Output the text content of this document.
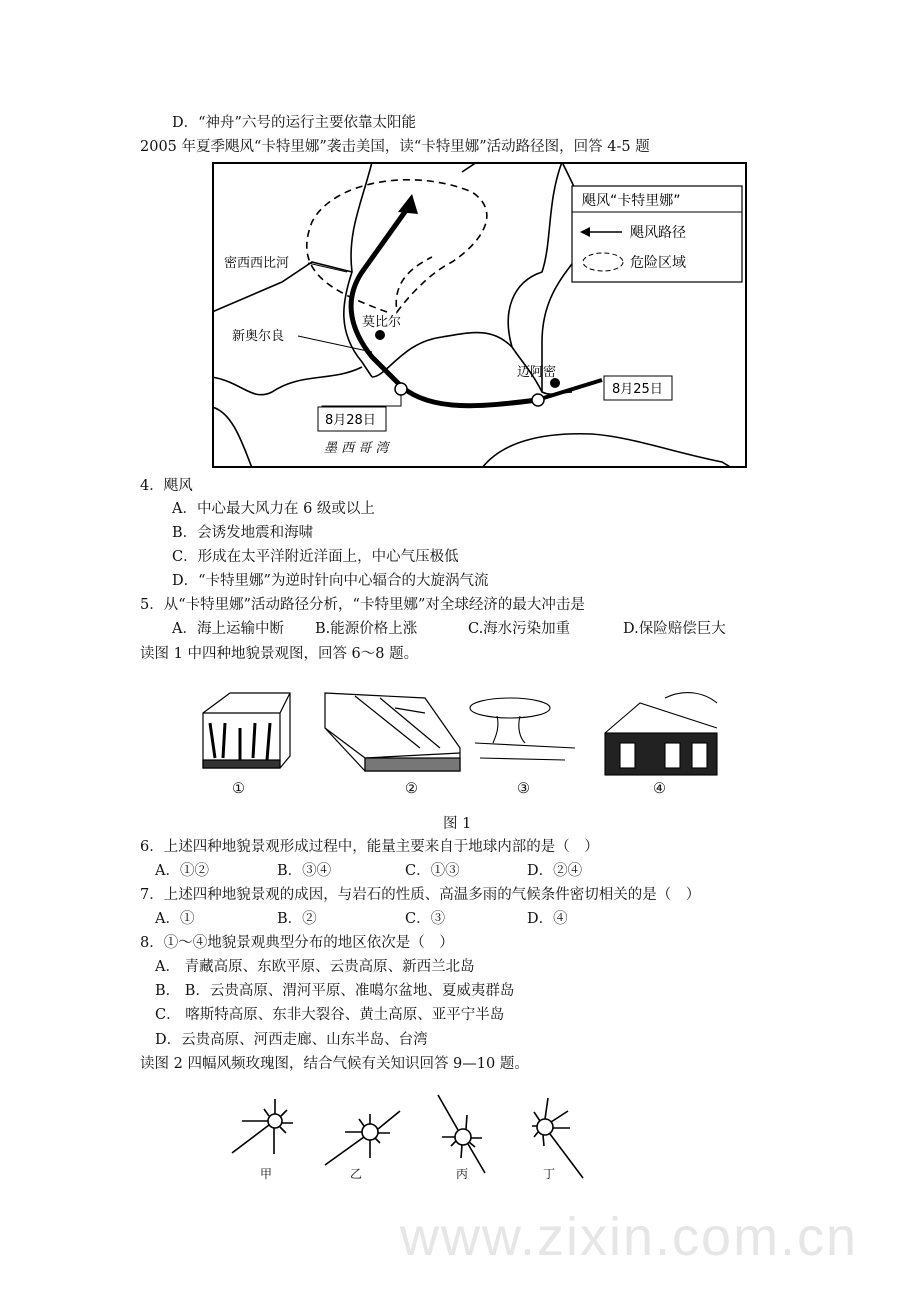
www.zixin.com.cn
D．“神舟”六号的运行主要依靠太阳能
2005 年夏季飓风“卡特里娜”袭击美国，读“卡特里娜”活动路径图，回答 4-5 题
飓风“卡特里娜”
飓风路径
危险区域
密西西比河
新奥尔良
莫比尔
迈阿密
8月25日
8月28日
墨 西 哥 湾
4．飓风
A．中心最大风力在 6 级或以上
B．会诱发地震和海啸
C．形成在太平洋附近洋面上，中心气压极低
D．“卡特里娜”为逆时针向中心辐合的大旋涡气流
5．从“卡特里娜”活动路径分析，“卡特里娜”对全球经济的最大冲击是
A．海上运输中断 B.能源价格上涨	C.海水污染加重	D.保险赔偿巨大
读图 1 中四种地貌景观图，回答 6～8 题。
①	②	③	④
图 1
6．上述四种地貌景观形成过程中，能量主要来自于地球内部的是（　）
A．①②	B．③④	C．①③	D．②④
7．上述四种地貌景观的成因，与岩石的性质、高温多雨的气候条件密切相关的是（　）
A．①	B．②	C．③	D．④
8．①～④地貌景观典型分布的地区依次是（　）
A． 青藏高原、东欧平原、云贵高原、新西兰北岛
B． B．云贵高原、渭河平原、准噶尔盆地、夏威夷群岛
C． 喀斯特高原、东非大裂谷、黄土高原、亚平宁半岛
D．云贵高原、河西走廊、山东半岛、台湾
读图 2 四幅风频玫瑰图，结合气候有关知识回答 9—10 题。
甲	乙	丙	丁
